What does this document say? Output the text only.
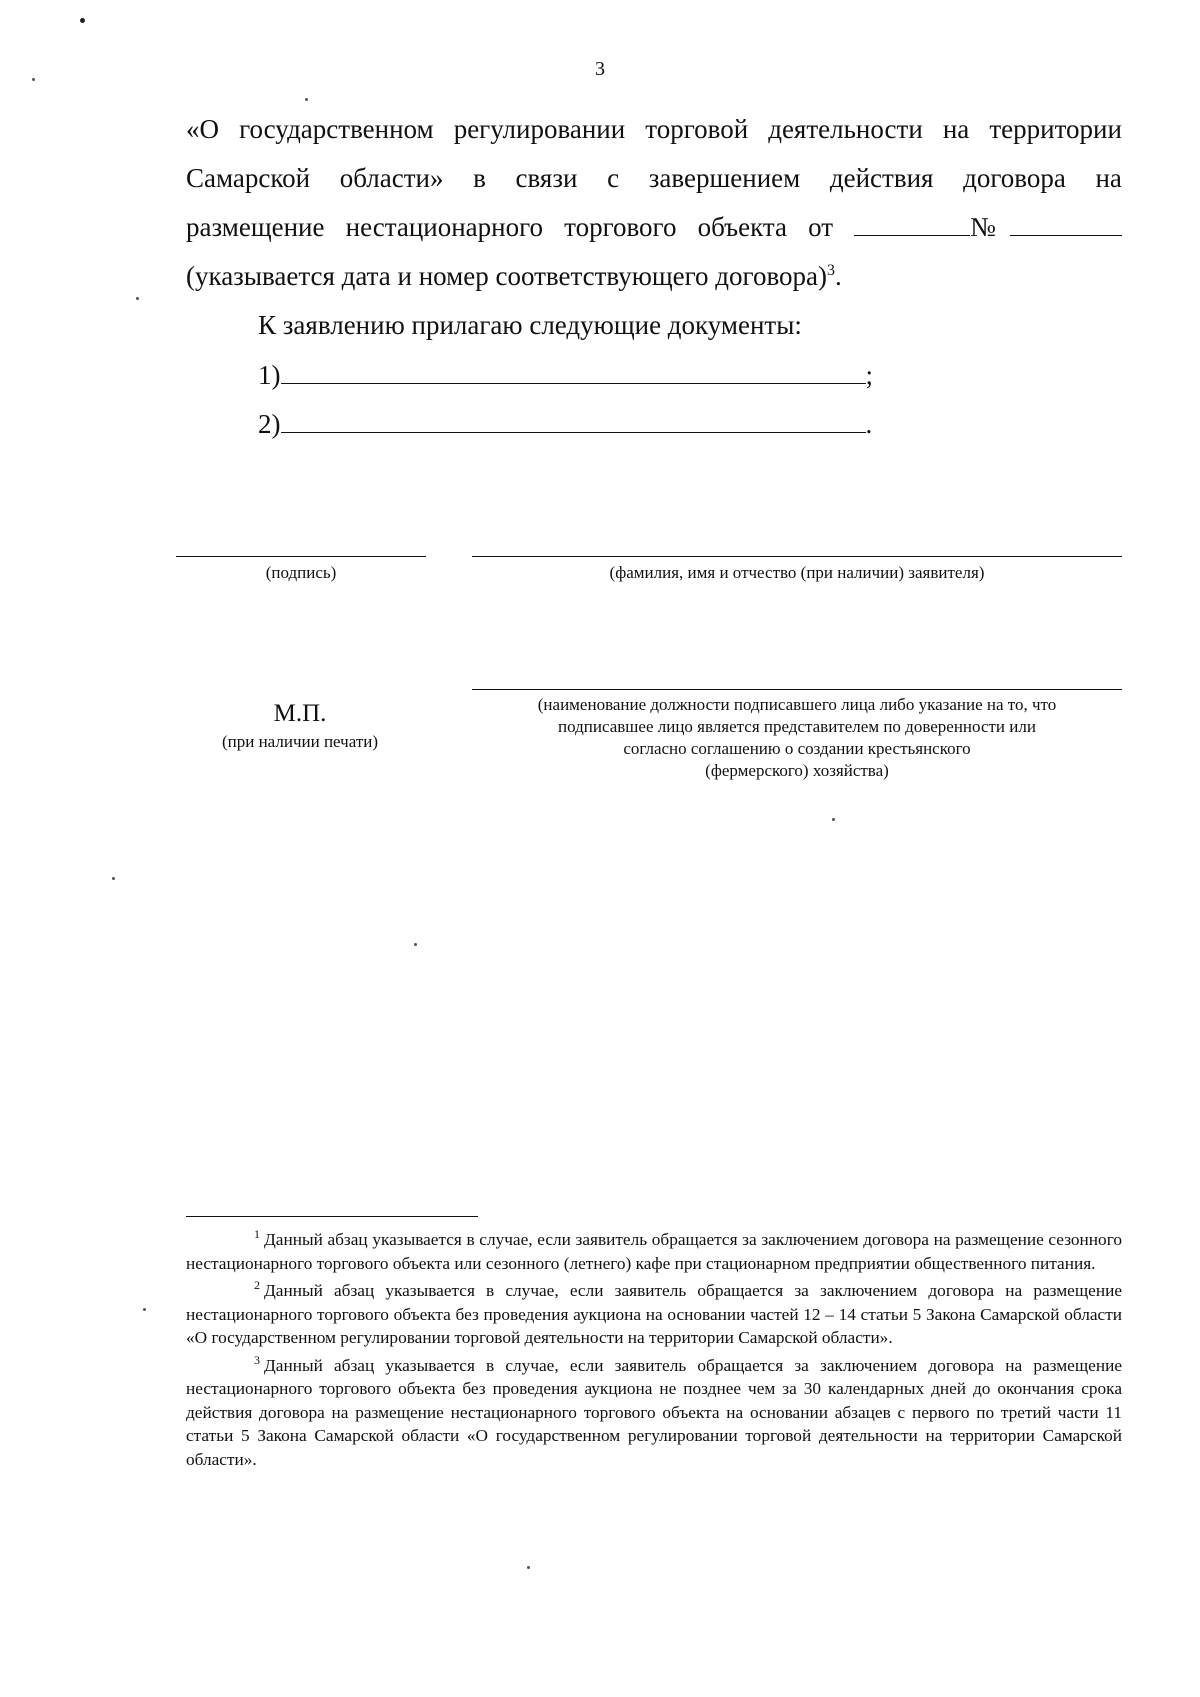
3
«О государственном регулировании торговой деятельности на территории
Самарской области» в связи с завершением действия договора на
размещение нестационарного торгового объекта от	№
(указывается дата и номер соответствующего договора)$^3$.
К заявлению прилагаю следующие документы:
1)	;
2)	.
(подпись)	(фамилия, имя и отчество (при наличии) заявителя)
М.П.
(при наличии печати)
(наименование должности подписавшего лица либо указание на то, что
подписавшее лицо является представителем по доверенности или
согласно соглашению о создании крестьянского
(фермерского) хозяйства)

$^1$ Данный абзац указывается в случае, если заявитель обращается за заключением договора на размещение сезонного нестационарного торгового объекта или сезонного (летнего) кафе при стационарном предприятии общественного питания.

$^2$ Данный абзац указывается в случае, если заявитель обращается за заключением договора на размещение нестационарного торгового объекта без проведения аукциона на основании частей 12 – 14 статьи 5 Закона Самарской области «О государственном регулировании торговой деятельности на территории Самарской области».

$^3$ Данный абзац указывается в случае, если заявитель обращается за заключением договора на размещение нестационарного торгового объекта без проведения аукциона не позднее чем за 30 календарных дней до окончания срока действия договора на размещение нестационарного торгового объекта на основании абзацев с первого по третий части 11 статьи 5 Закона Самарской области «О государственном регулировании торговой деятельности на территории Самарской области».
